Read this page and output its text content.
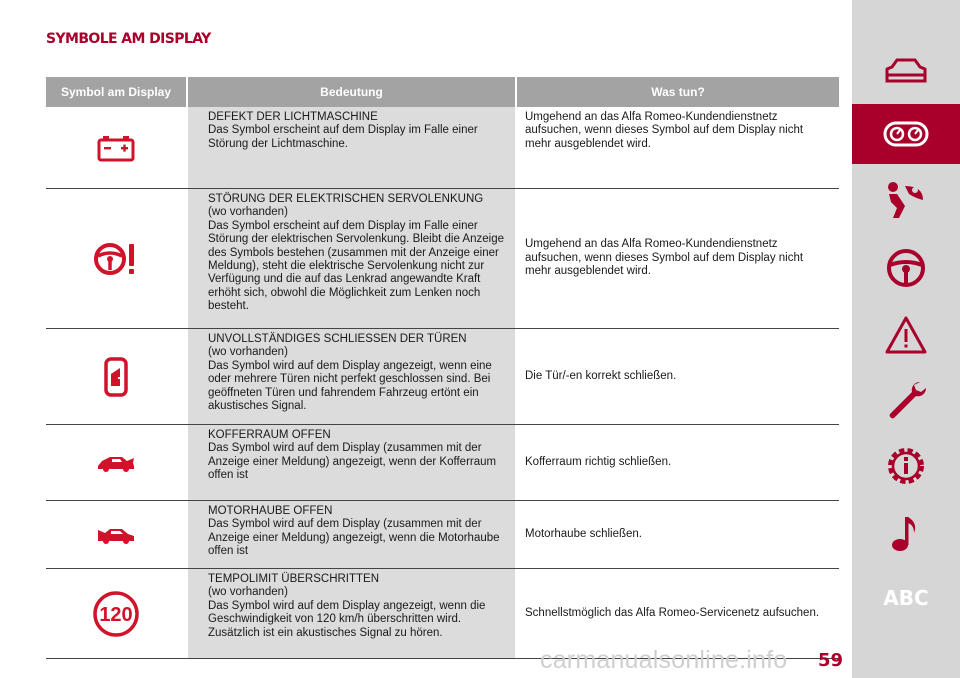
SYMBOLE AM DISPLAY
Symbol am Display	Bedeutung	Was tun?
DEFEKT DER LICHTMASCHINE
Das Symbol erscheint auf dem Display im Falle einer Störung der Lichtmaschine.
Umgehend an das Alfa Romeo-Kundendienstnetz aufsuchen, wenn dieses Symbol auf dem Display nicht mehr ausgeblendet wird.
STÖRUNG DER ELEKTRISCHEN SERVOLENKUNG
(wo vorhanden)
Das Symbol erscheint auf dem Display im Falle einer Störung der elektrischen Servolenkung. Bleibt die Anzeige des Symbols bestehen (zusammen mit der Anzeige einer Meldung), steht die elektrische Servolenkung nicht zur Verfügung und die auf das Lenkrad angewandte Kraft erhöht sich, obwohl die Möglichkeit zum Lenken noch besteht.
Umgehend an das Alfa Romeo-Kundendienstnetz aufsuchen, wenn dieses Symbol auf dem Display nicht mehr ausgeblendet wird.
UNVOLLSTÄNDIGES SCHLIESSEN DER TÜREN
(wo vorhanden)
Das Symbol wird auf dem Display angezeigt, wenn eine oder mehrere Türen nicht perfekt geschlossen sind. Bei geöffneten Türen und fahrendem Fahrzeug ertönt ein akustisches Signal.
Die Tür/-en korrekt schließen.
KOFFERRAUM OFFEN
Das Symbol wird auf dem Display (zusammen mit der Anzeige einer Meldung) angezeigt, wenn der Kofferraum offen ist
Kofferraum richtig schließen.
MOTORHAUBE OFFEN
Das Symbol wird auf dem Display (zusammen mit der Anzeige einer Meldung) angezeigt, wenn die Motorhaube offen ist
Motorhaube schließen.
120
TEMPOLIMIT ÜBERSCHRITTEN
(wo vorhanden)
Das Symbol wird auf dem Display angezeigt, wenn die Geschwindigkeit von 120 km/h überschritten wird. Zusätzlich ist ein akustisches Signal zu hören.
Schnellstmöglich das Alfa Romeo-Servicenetz aufsuchen.
carmanualsonline.info 59
ABC
